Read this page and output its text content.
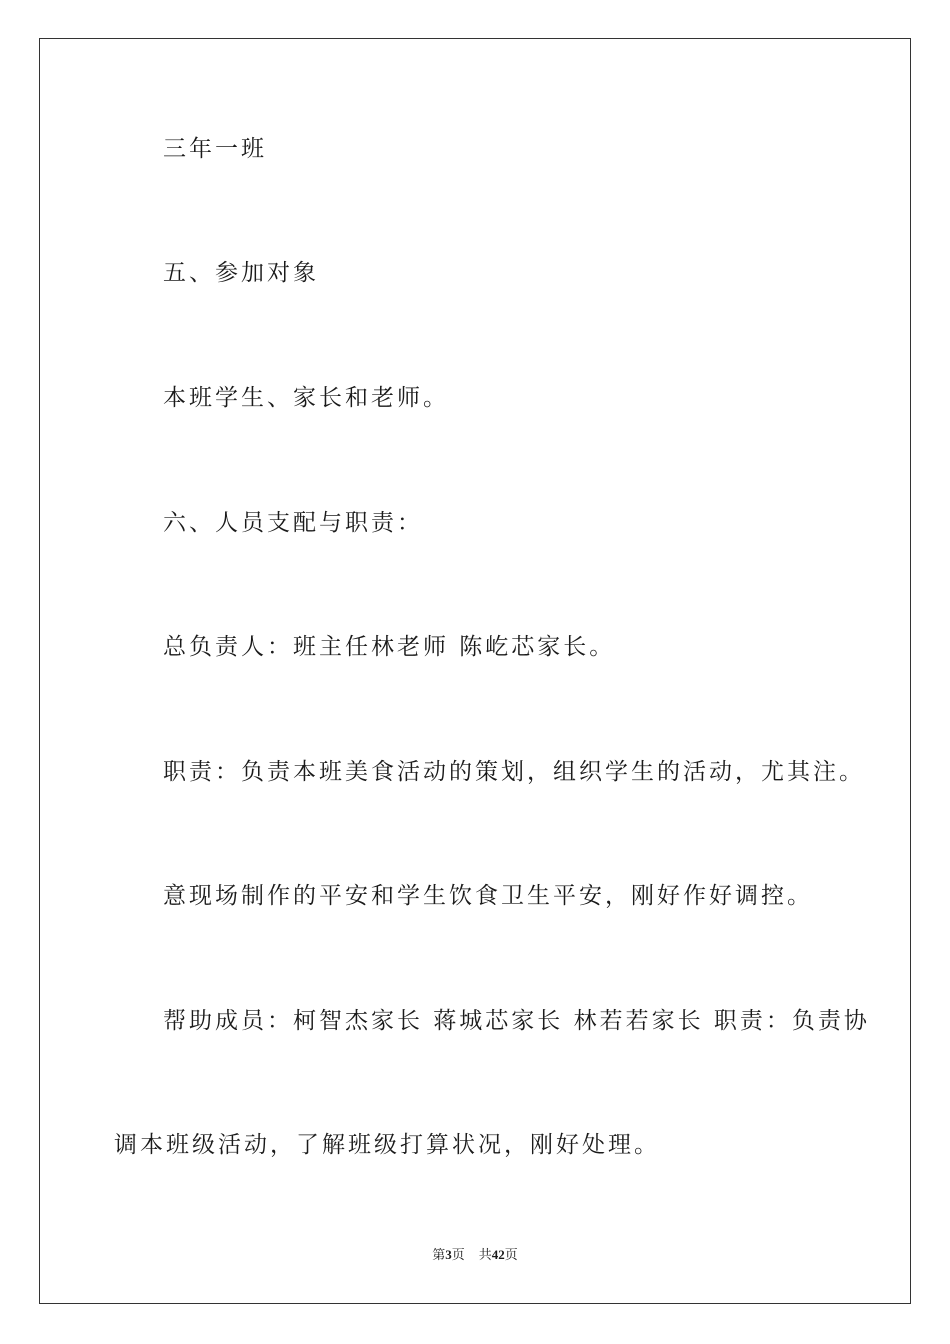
三年一班
五、参加对象
本班学生、家长和老师。
六、人员支配与职责：
总负责人：班主任林老师 陈屹芯家长。
职责：负责本班美食活动的策划，组织学生的活动，尤其注。
意现场制作的平安和学生饮食卫生平安，刚好作好调控。
帮助成员：柯智杰家长 蒋城芯家长 林若若家长 职责：负责协
调本班级活动，了解班级打算状况，刚好处理。
第3页 共42页
